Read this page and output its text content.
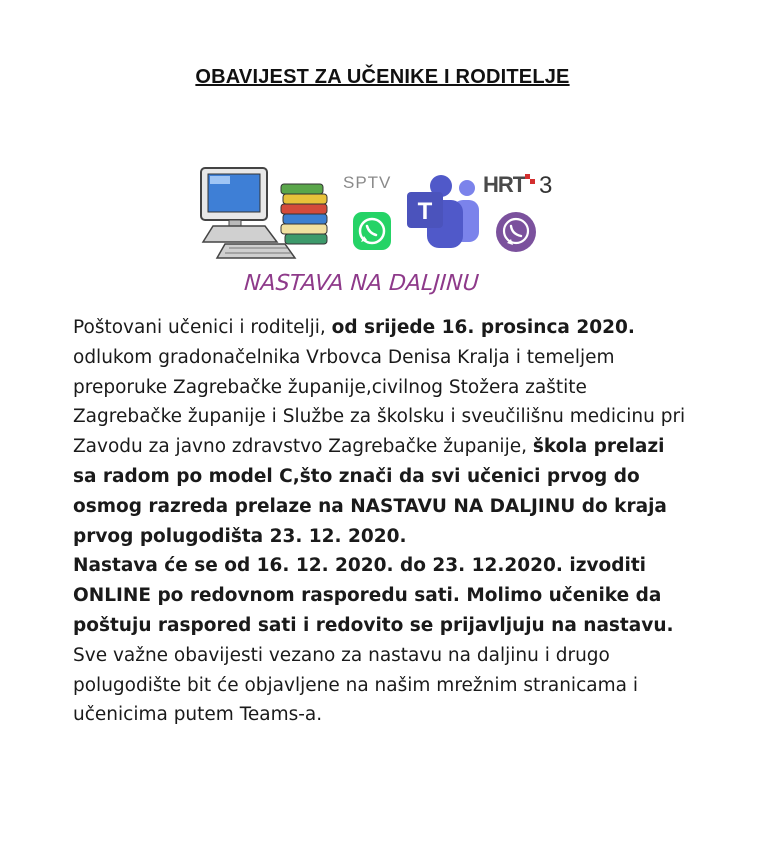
OBAVIJEST ZA UČENIKE I RODITELJE
SPTV
T
HRT 3
NASTAVA NA DALJINU
Poštovani učenici i roditelji, od srijede 16. prosinca 2020. odlukom gradonačelnika Vrbovca Denisa Kralja i temeljem preporuke Zagrebačke županije,civilnog Stožera zaštite Zagrebačke županije i Službe za školsku i sveučilišnu medicinu pri Zavodu za javno zdravstvo Zagrebačke županije, škola prelazi sa radom po model C,što znači da svi učenici prvog do osmog razreda prelaze na NASTAVU NA DALJINU do kraja prvog polugodišta 23. 12. 2020.
Nastava će se od 16. 12. 2020. do 23. 12.2020. izvoditi ONLINE po redovnom rasporedu sati. Molimo učenike da poštuju raspored sati i redovito se prijavljuju na nastavu.
Sve važne obavijesti vezano za nastavu na daljinu i drugo polugodište bit će objavljene na našim mrežnim stranicama i učenicima putem Teams-a.
